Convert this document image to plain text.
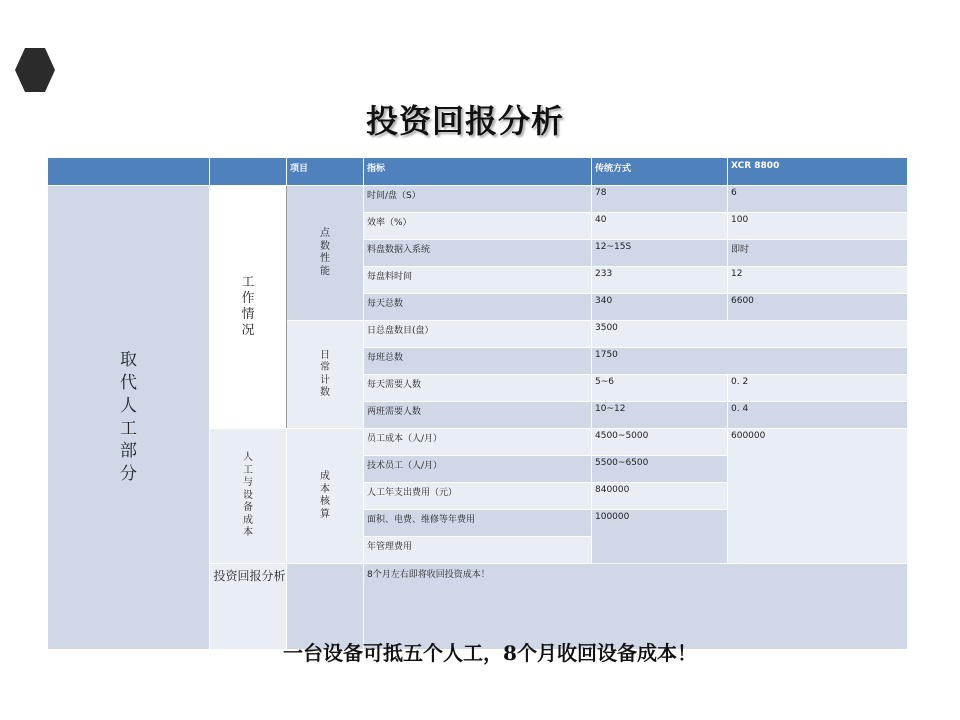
投资回报分析
		项目	指标	传统方式	XCR 8800
取代人工部分	工作情况	点数性能	时间/盘（S）	78	6
			效率（%）	40	100
			料盘数据入系统	12~15S	即时
			每盘料时间	233	12
			每天总数	340	6600
		日常计数	日总盘数目(盘）	3500	
			每班总数	1750	
			每天需要人数	5~6	0. 2
			两班需要人数	10~12	0. 4
	人工与设备成本	成本核算	员工成本（人/月）	4500~5000	600000
			技术员工（人/月）	5500~6500	
			人工年支出费用（元）	840000	
			面积、电费、维修等年费用	100000	
			年管理费用		
	投资回报分析		8个月左右即将收回投资成本！		
一台设备可抵五个人工，8个月收回设备成本！
